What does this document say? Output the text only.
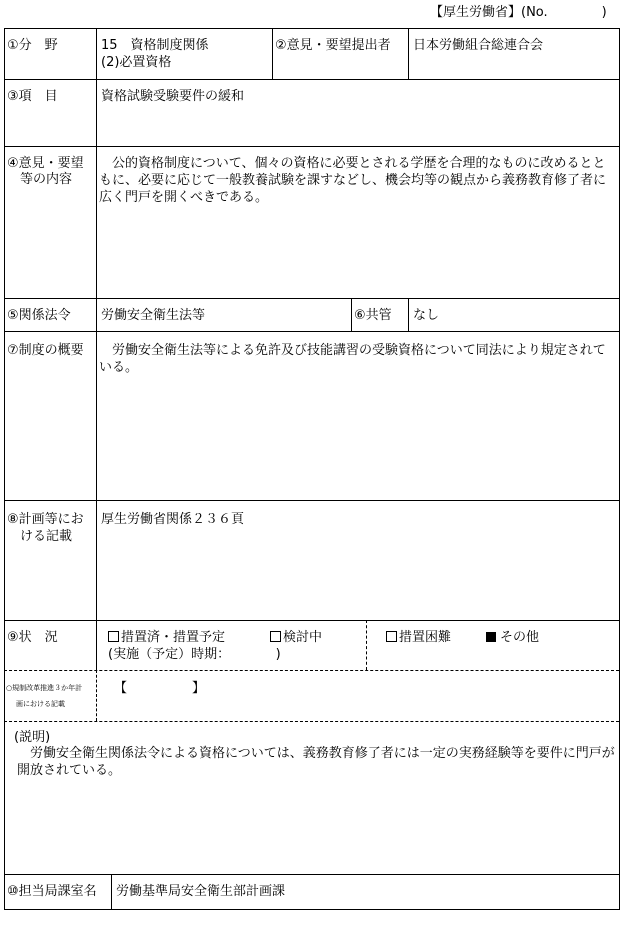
【厚生労働省】(No.	)
①分　野	15　資格制度関係
(2)必置資格
②意見・要望提出者 日本労働組合総連合会
③項　目	資格試験受験要件の緩和
④意見・要望
等の内容
　公的資格制度について、個々の資格に必要とされる学歴を合理的なものに改めるとともに、必要に応じて一般教養試験を課すなどし、機会均等の観点から義務教育修了者に広く門戸を開くべきである。
⑤関係法令 労働安全衛生法等	⑥共管 なし
⑦制度の概要 　労働安全衛生法等による免許及び技能講習の受験資格について同法により規定されている。
⑧計画等にお
ける記載
厚生労働省関係２３６頁
⑨状　況	措置済・措置予定	検討中	措置困難	その他
(実施（予定）時期：　　　　)
○規制改革推進３か年計
画における記載
【　　　　　】
(説明)
　労働安全衛生関係法令による資格については、義務教育修了者には一定の実務経験等を要件に門戸が開放されている。
⑩担当局課室名 労働基準局安全衛生部計画課
